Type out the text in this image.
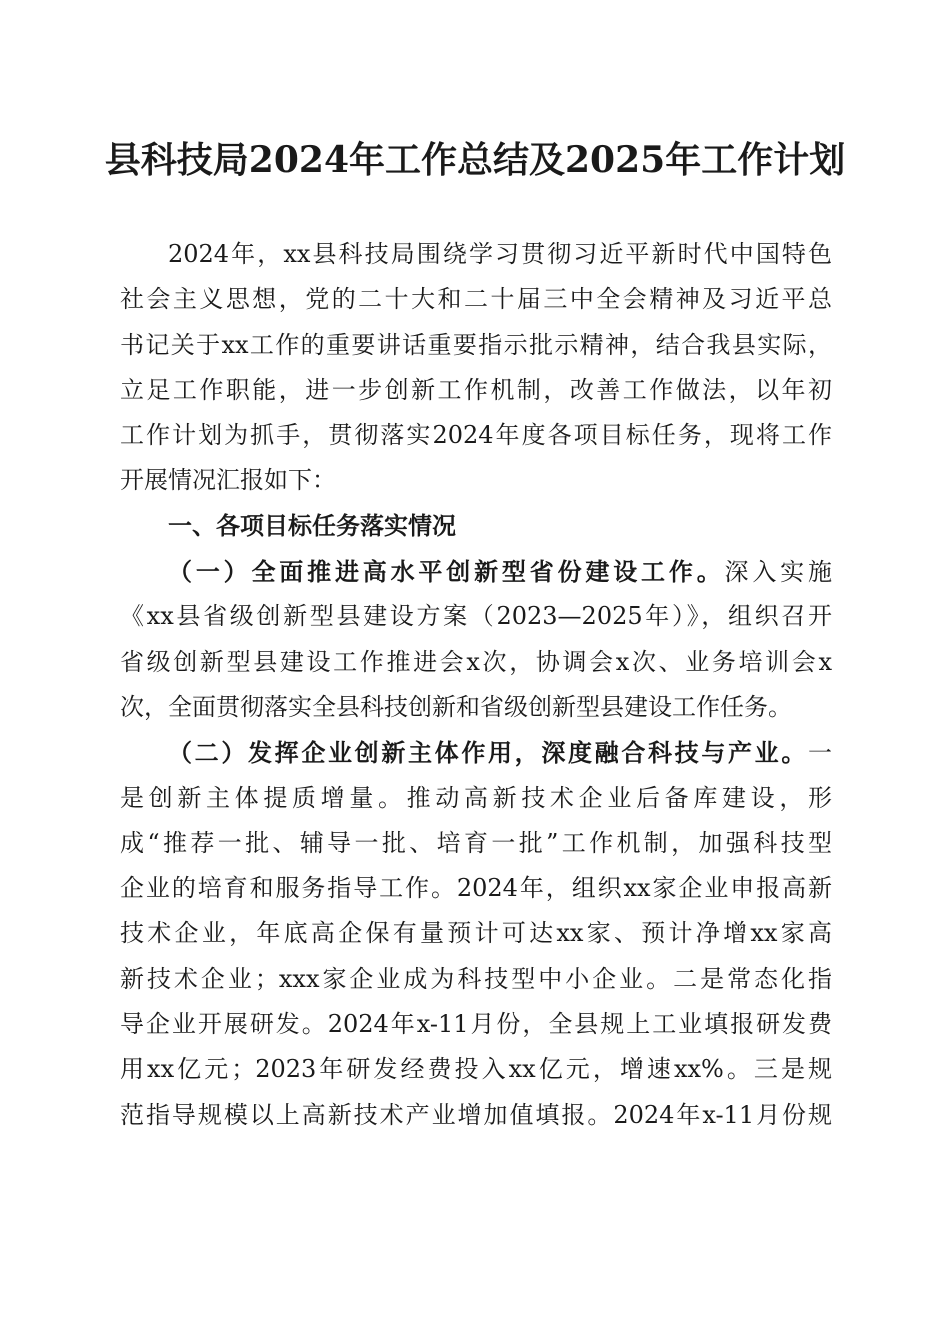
县科技局2024年工作总结及2025年工作计划
2024年，xx县科技局围绕学习贯彻习近平新时代中国特色
社会主义思想，党的二十大和二十届三中全会精神及习近平总
书记关于xx工作的重要讲话重要指示批示精神，结合我县实际，
立足工作职能，进一步创新工作机制，改善工作做法，以年初
工作计划为抓手，贯彻落实2024年度各项目标任务，现将工作
开展情况汇报如下：
一、各项目标任务落实情况
（一）全面推进高水平创新型省份建设工作。深入实施
《xx县省级创新型县建设方案（2023—2025年）》，组织召开
省级创新型县建设工作推进会x次，协调会x次、业务培训会x
次，全面贯彻落实全县科技创新和省级创新型县建设工作任务。
（二）发挥企业创新主体作用，深度融合科技与产业。一
是创新主体提质增量。推动高新技术企业后备库建设，形
成“推荐一批、辅导一批、培育一批”工作机制，加强科技型
企业的培育和服务指导工作。2024年，组织xx家企业申报高新
技术企业，年底高企保有量预计可达xx家、预计净增xx家高
新技术企业；xxx家企业成为科技型中小企业。二是常态化指
导企业开展研发。2024年x-11月份，全县规上工业填报研发费
用xx亿元；2023年研发经费投入xx亿元，增速xx%。三是规
范指导规模以上高新技术产业增加值填报。2024年x-11月份规
